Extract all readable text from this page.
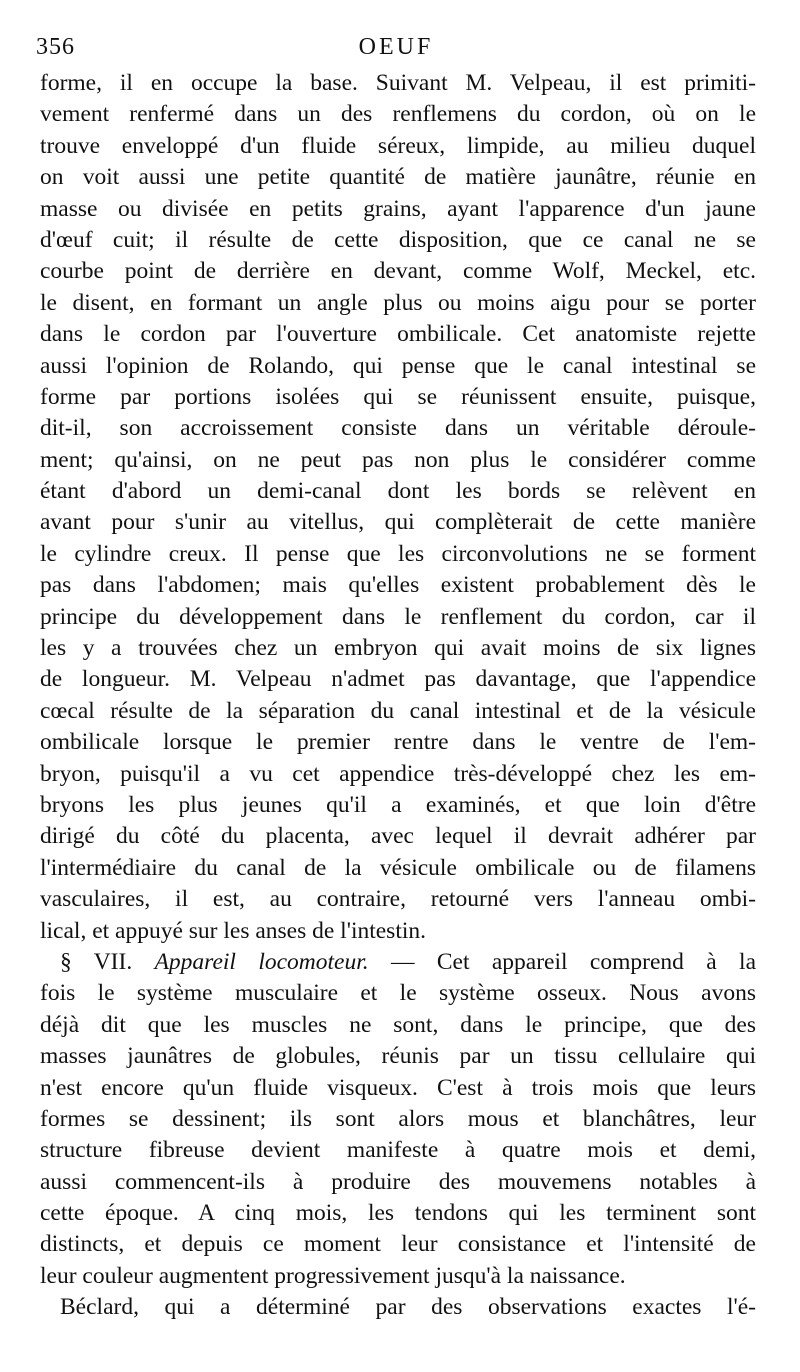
356	OEUF
forme, il en occupe la base. Suivant M. Velpeau, il est primiti-
vement renfermé dans un des renflemens du cordon, où on le
trouve enveloppé d'un fluide séreux, limpide, au milieu duquel
on voit aussi une petite quantité de matière jaunâtre, réunie en
masse ou divisée en petits grains, ayant l'apparence d'un jaune
d'œuf cuit; il résulte de cette disposition, que ce canal ne se
courbe point de derrière en devant, comme Wolf, Meckel, etc.
le disent, en formant un angle plus ou moins aigu pour se porter
dans le cordon par l'ouverture ombilicale. Cet anatomiste rejette
aussi l'opinion de Rolando, qui pense que le canal intestinal se
forme par portions isolées qui se réunissent ensuite, puisque,
dit-il, son accroissement consiste dans un véritable déroule-
ment; qu'ainsi, on ne peut pas non plus le considérer comme
étant d'abord un demi-canal dont les bords se relèvent en
avant pour s'unir au vitellus, qui complèterait de cette manière
le cylindre creux. Il pense que les circonvolutions ne se forment
pas dans l'abdomen; mais qu'elles existent probablement dès le
principe du développement dans le renflement du cordon, car il
les y a trouvées chez un embryon qui avait moins de six lignes
de longueur. M. Velpeau n'admet pas davantage, que l'appendice
cœcal résulte de la séparation du canal intestinal et de la vésicule
ombilicale lorsque le premier rentre dans le ventre de l'em-
bryon, puisqu'il a vu cet appendice très-développé chez les em-
bryons les plus jeunes qu'il a examinés, et que loin d'être
dirigé du côté du placenta, avec lequel il devrait adhérer par
l'intermédiaire du canal de la vésicule ombilicale ou de filamens
vasculaires, il est, au contraire, retourné vers l'anneau ombi-
lical, et appuyé sur les anses de l'intestin.
§ VII. Appareil locomoteur. — Cet appareil comprend à la
fois le système musculaire et le système osseux. Nous avons
déjà dit que les muscles ne sont, dans le principe, que des
masses jaunâtres de globules, réunis par un tissu cellulaire qui
n'est encore qu'un fluide visqueux. C'est à trois mois que leurs
formes se dessinent; ils sont alors mous et blanchâtres, leur
structure fibreuse devient manifeste à quatre mois et demi,
aussi commencent-ils à produire des mouvemens notables à
cette époque. A cinq mois, les tendons qui les terminent sont
distincts, et depuis ce moment leur consistance et l'intensité de
leur couleur augmentent progressivement jusqu'à la naissance.
Béclard, qui a déterminé par des observations exactes l'é-
